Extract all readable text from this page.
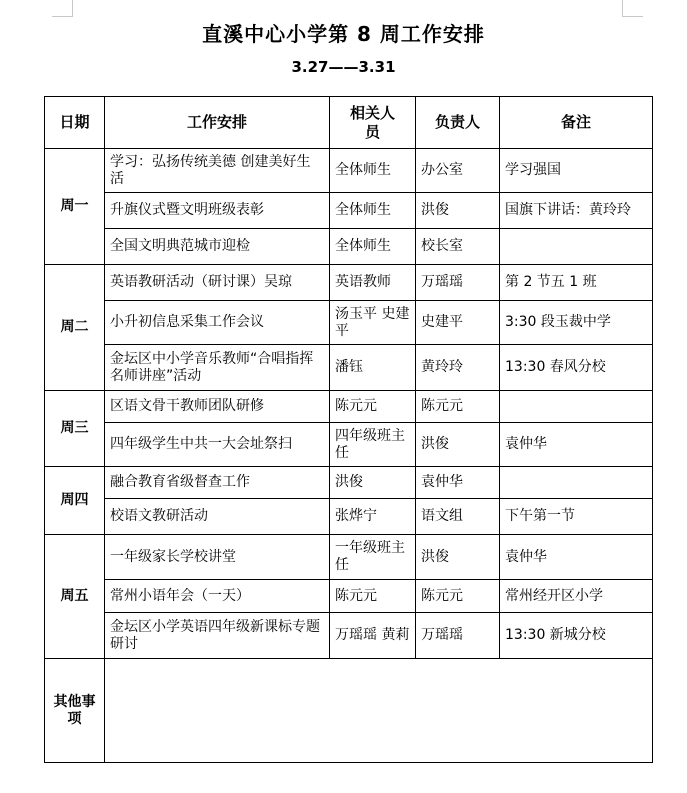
直溪中心小学第 8 周工作安排
3.27——3.31
日期	工作安排	相关人员	负责人	备注
周一	学习：弘扬传统美德 创建美好生活	全体师生	办公室	学习强国
	升旗仪式暨文明班级表彰	全体师生	洪俊	国旗下讲话：黄玲玲
	全国文明典范城市迎检	全体师生	校长室	
周二	英语教研活动（研讨课）吴琼	英语教师	万瑶瑶	第 2 节五 1 班
	小升初信息采集工作会议	汤玉平 史建平	史建平	3:30 段玉裁中学
	金坛区中小学音乐教师“合唱指挥名师讲座”活动	潘钰	黄玲玲	13:30 春风分校
周三	区语文骨干教师团队研修	陈元元	陈元元	
	四年级学生中共一大会址祭扫	四年级班主任	洪俊	袁仲华
周四	融合教育省级督查工作	洪俊	袁仲华	
	校语文教研活动	张烨宁	语文组	下午第一节
周五	一年级家长学校讲堂	一年级班主任	洪俊	袁仲华
	常州小语年会（一天）	陈元元	陈元元	常州经开区小学
	金坛区小学英语四年级新课标专题研讨	万瑶瑶 黄莉	万瑶瑶	13:30 新城分校
其他事项				
